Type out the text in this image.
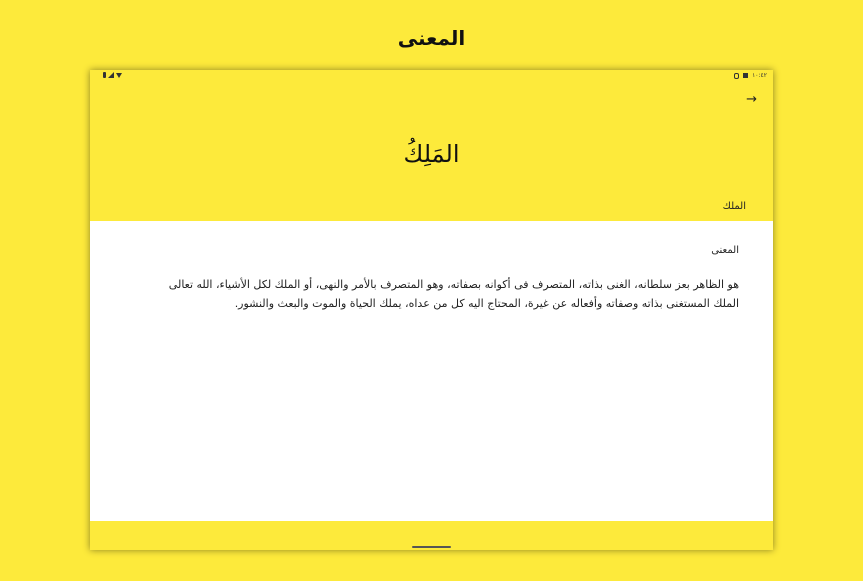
المعنى
١٠:٤٢
→
المَلِكُ
الملك
المعنى
هو الظاهر بعز سلطانه، الغنى بذاته، المتصرف فى أكوانه بصفاته، وهو المتصرف بالأمر والنهى، أو الملك لكل الأشياء، الله تعالى الملك المستغنى بذاته وصفاته وأفعاله عن غيرة، المحتاج اليه كل من عداه، يملك الحياة والموت والبعث والنشور.
